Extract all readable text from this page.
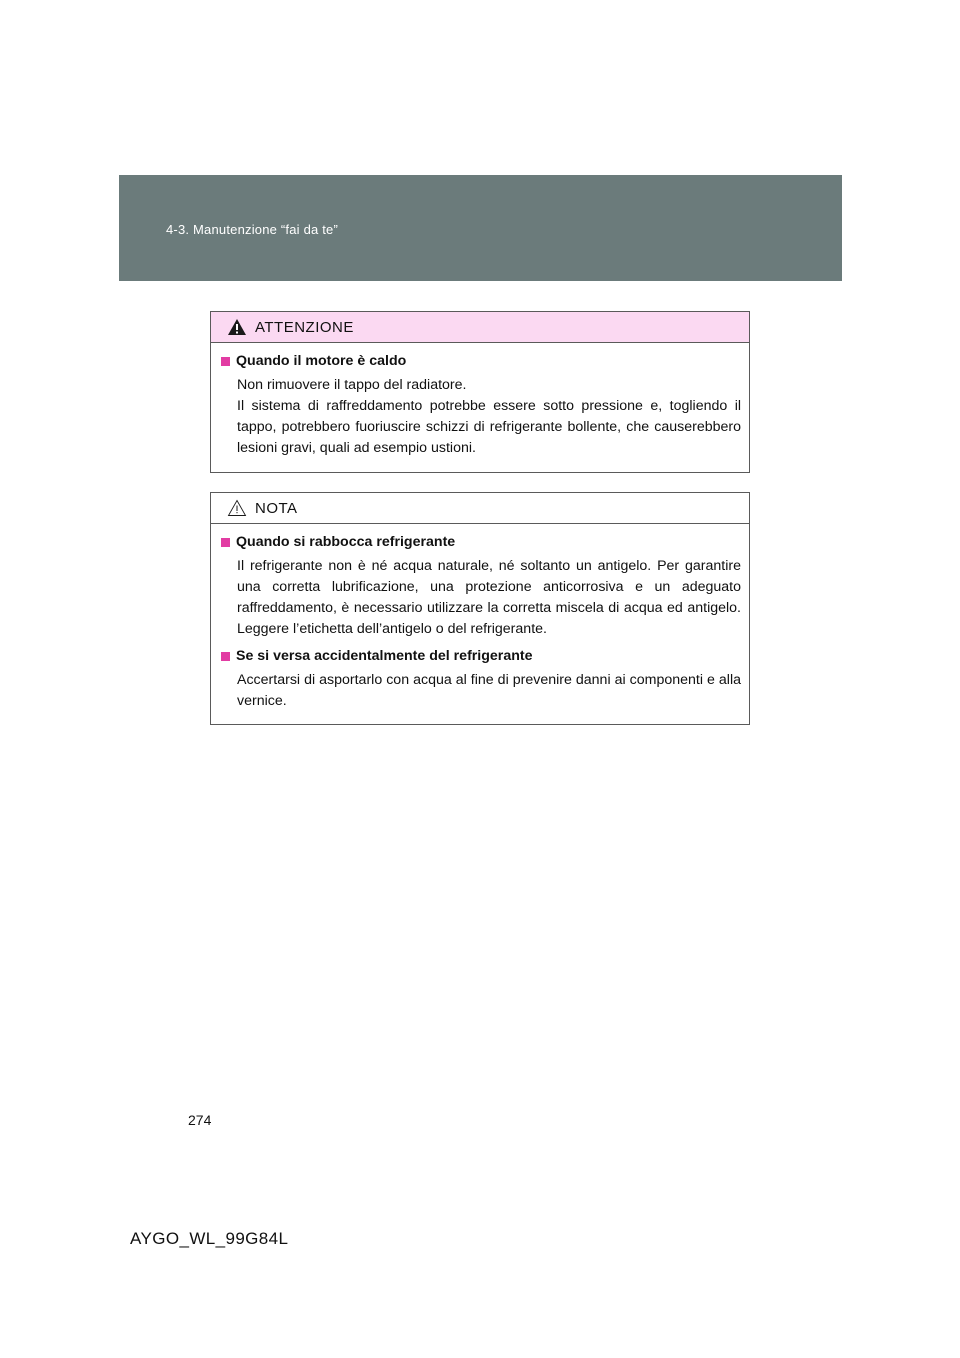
4-3. Manutenzione “fai da te”
ATTENZIONE
Quando il motore è caldo
Non rimuovere il tappo del radiatore.
Il sistema di raffreddamento potrebbe essere sotto pressione e, togliendo il tappo, potrebbero fuoriuscire schizzi di refrigerante bollente, che causerebbero lesioni gravi, quali ad esempio ustioni.
NOTA
Quando si rabbocca refrigerante
Il refrigerante non è né acqua naturale, né soltanto un antigelo. Per garantire una corretta lubrificazione, una protezione anticorrosiva e un adeguato raffreddamento, è necessario utilizzare la corretta miscela di acqua ed antigelo. Leggere l’etichetta dell’antigelo o del refrigerante.
Se si versa accidentalmente del refrigerante
Accertarsi di asportarlo con acqua al fine di prevenire danni ai componenti e alla vernice.
274
AYGO_WL_99G84L
